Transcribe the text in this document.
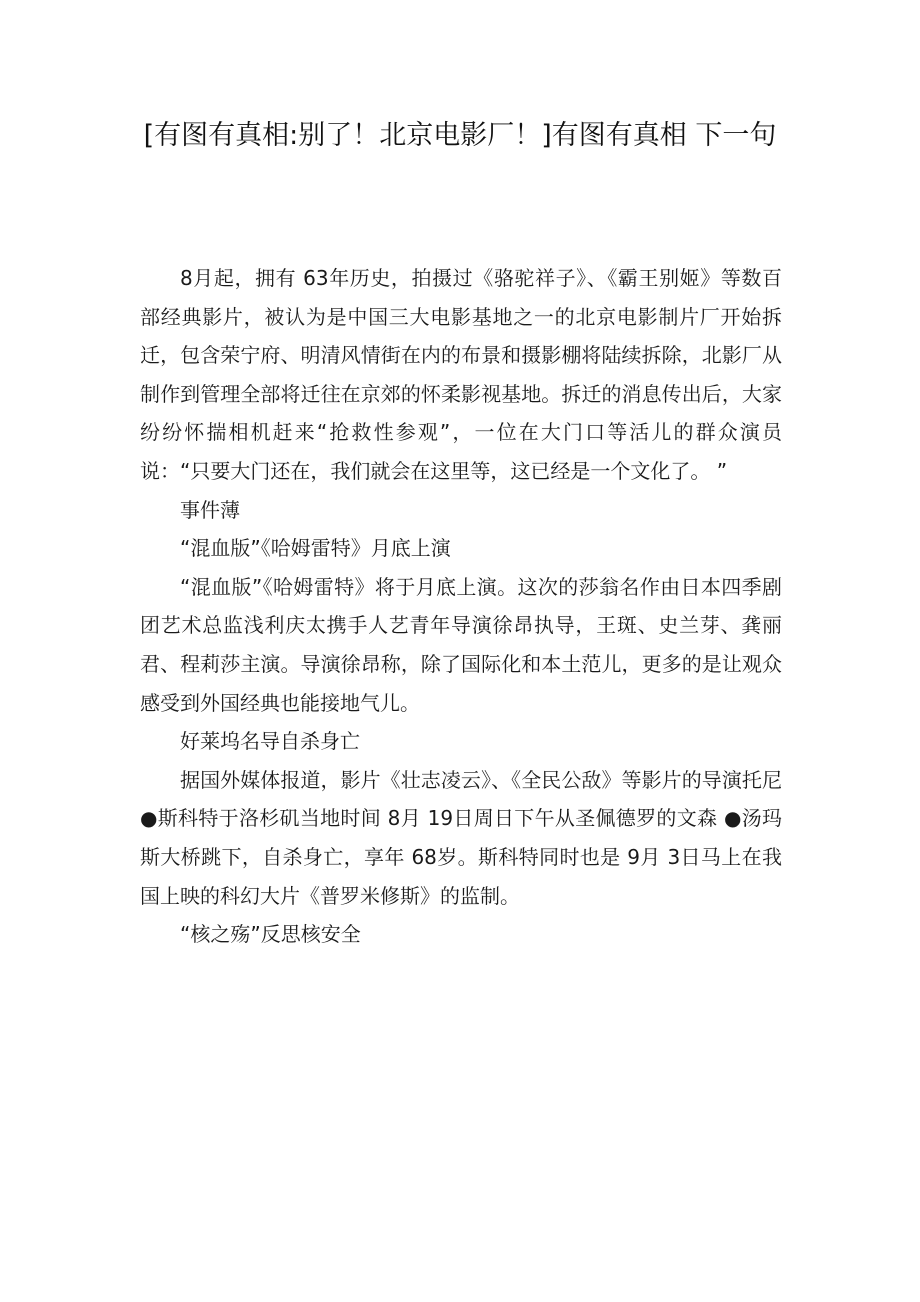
[有图有真相:别了！北京电影厂！]有图有真相 下一句

8月起，拥有 63年历史，拍摄过《骆驼祥子》、《霸王别姬》等数百部经典影片，被认为是中国三大电影基地之一的北京电影制片厂开始拆迁，包含荣宁府、明清风情街在内的布景和摄影棚将陆续拆除，北影厂从制作到管理全部将迁往在京郊的怀柔影视基地。拆迁的消息传出后，大家纷纷怀揣相机赶来“抢救性参观”，一位在大门口等活儿的群众演员说：“只要大门还在，我们就会在这里等，这已经是一个文化了。 ”

事件薄

“混血版”《哈姆雷特》月底上演

“混血版”《哈姆雷特》将于月底上演。这次的莎翁名作由日本四季剧团艺术总监浅利庆太携手人艺青年导演徐昂执导，王斑、史兰芽、龚丽君、程莉莎主演。导演徐昂称，除了国际化和本土范儿，更多的是让观众感受到外国经典也能接地气儿。

好莱坞名导自杀身亡

据国外媒体报道，影片《壮志凌云》、《全民公敌》等影片的导演托尼 ●斯科特于洛杉矶当地时间 8月 19日周日下午从圣佩德罗的文森 ●汤玛斯大桥跳下，自杀身亡，享年 68岁。斯科特同时也是 9月 3日马上在我国上映的科幻大片《普罗米修斯》的监制。

“核之殇”反思核安全
